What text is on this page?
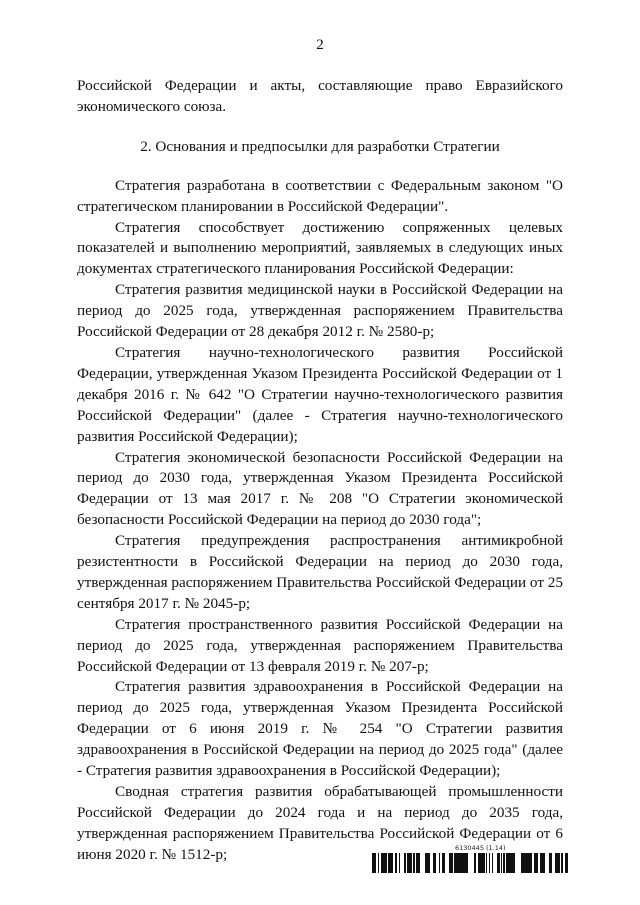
2

Российской Федерации и акты, составляющие право Евразийского экономического союза.

2. Основания и предпосылки для разработки Стратегии

Стратегия разработана в соответствии с Федеральным законом "О стратегическом планировании в Российской Федерации".

Стратегия способствует достижению сопряженных целевых показателей и выполнению мероприятий, заявляемых в следующих иных документах стратегического планирования Российской Федерации:

Стратегия развития медицинской науки в Российской Федерации на период до 2025 года, утвержденная распоряжением Правительства Российской Федерации от 28 декабря 2012 г. № 2580-р;

Стратегия научно-технологического развития Российской Федерации, утвержденная Указом Президента Российской Федерации от 1 декабря 2016 г. № 642 "О Стратегии научно-технологического развития Российской Федерации" (далее - Стратегия научно-технологического развития Российской Федерации);

Стратегия экономической безопасности Российской Федерации на период до 2030 года, утвержденная Указом Президента Российской Федерации от 13 мая 2017 г. № 208 "О Стратегии экономической безопасности Российской Федерации на период до 2030 года";

Стратегия предупреждения распространения антимикробной резистентности в Российской Федерации на период до 2030 года, утвержденная распоряжением Правительства Российской Федерации от 25 сентября 2017 г. № 2045-р;

Стратегия пространственного развития Российской Федерации на период до 2025 года, утвержденная распоряжением Правительства Российской Федерации от 13 февраля 2019 г. № 207-р;

Стратегия развития здравоохранения в Российской Федерации на период до 2025 года, утвержденная Указом Президента Российской Федерации от 6 июня 2019 г. № 254 "О Стратегии развития здравоохранения в Российской Федерации на период до 2025 года" (далее - Стратегия развития здравоохранения в Российской Федерации);

Сводная стратегия развития обрабатывающей промышленности Российской Федерации до 2024 года и на период до 2035 года, утвержденная распоряжением Правительства Российской Федерации от 6 июня 2020 г. № 1512-р;	6130445 (1.14)
